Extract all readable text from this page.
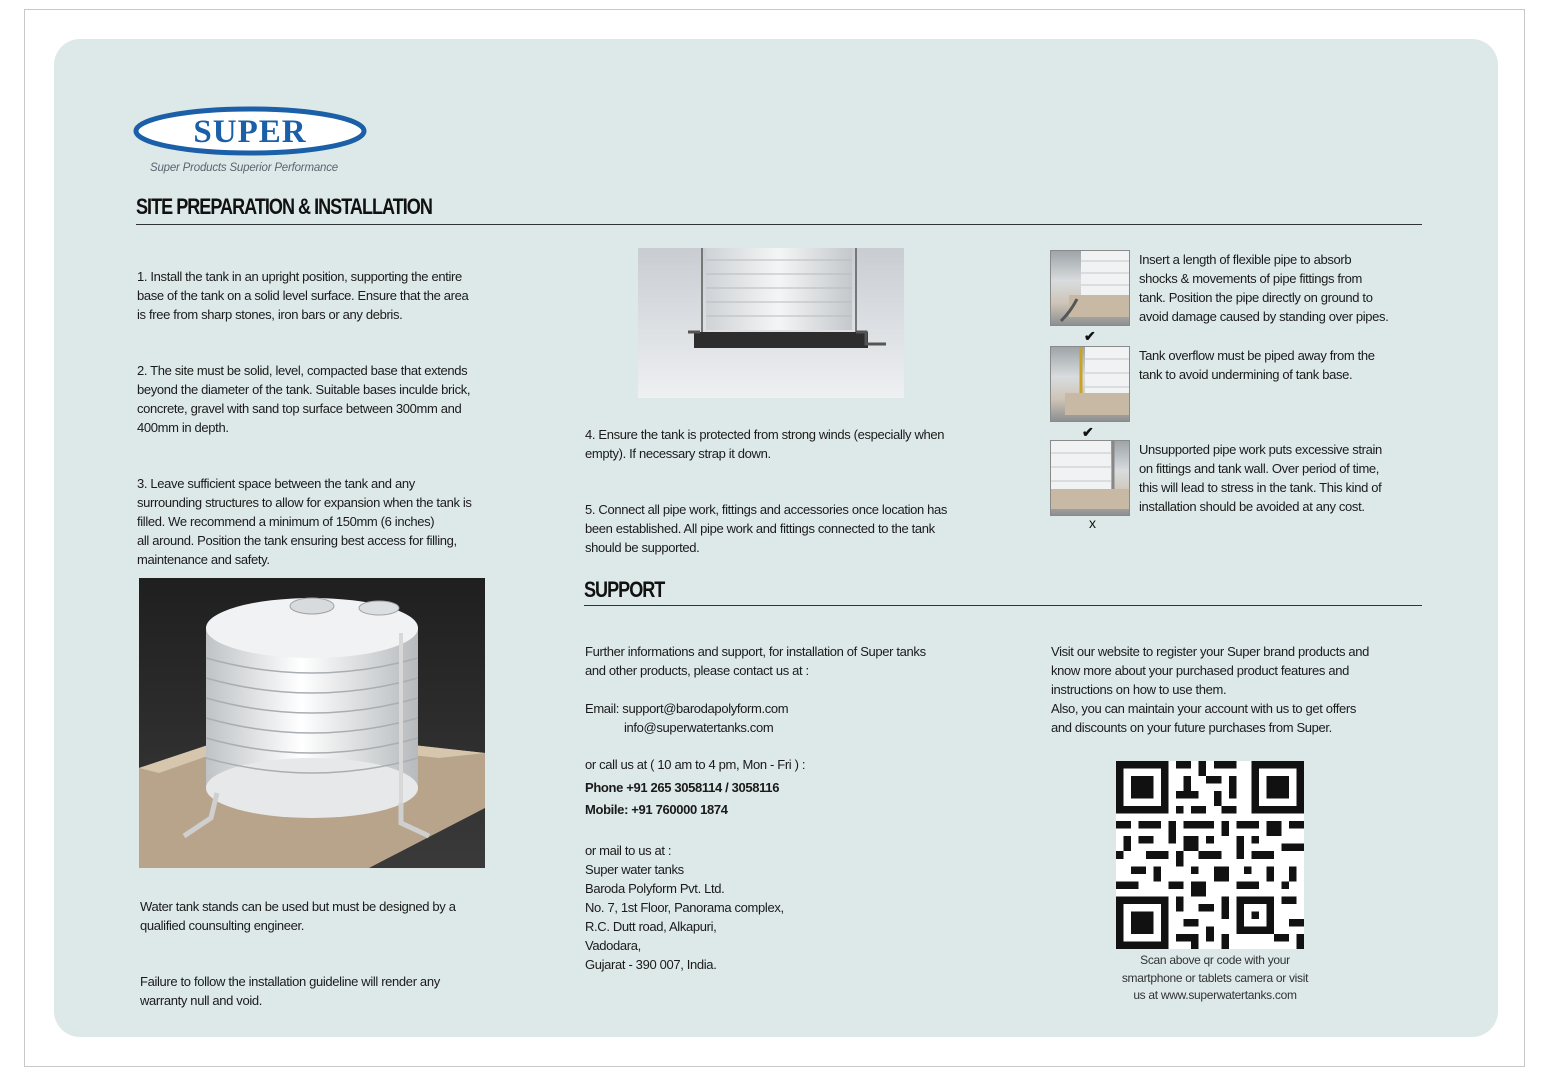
SUPER
Super Products Superior Performance
SITE PREPARATION & INSTALLATION

1. Install the tank in an upright position, supporting the entire
base of the tank on a solid level surface. Ensure that the area
is free from sharp stones, iron bars or any debris.

2. The site must be solid, level, compacted base that extends
beyond the diameter of the tank. Suitable bases inculde brick,
concrete, gravel with sand top surface between 300mm and
400mm in depth.

3. Leave sufficient space between the tank and any
surrounding structures to allow for expansion when the tank is
filled. We recommend a minimum of 150mm (6 inches)
all around. Position the tank ensuring best access for filling,
maintenance and safety.

4. Ensure the tank is protected from strong winds (especially when
empty). If necessary strap it down.

5. Connect all pipe work, fittings and accessories once location has
been established. All pipe work and fittings connected to the tank
should be supported.

✔
Insert a length of flexible pipe to absorb
shocks & movements of pipe fittings from
tank. Position the pipe directly on ground to
avoid damage caused by standing over pipes.
✔
Tank overflow must be piped away from the
tank to avoid undermining of tank base.
x
Unsupported pipe work puts excessive strain
on fittings and tank wall. Over period of time,
this will lead to stress in the tank. This kind of
installation should be avoided at any cost.

Water tank stands can be used but must be designed by a
qualified counsulting engineer.

Failure to follow the installation guideline will render any
warranty null and void.

SUPPORT
Further informations and support, for installation of Super tanks
and other products, please contact us at :
Email: support@barodapolyform.com
info@superwatertanks.com
or call us at ( 10 am to 4 pm, Mon - Fri ) :
Phone +91 265 3058114 / 3058116
Mobile: +91 760000 1874
or mail to us at :
Super water tanks
Baroda Polyform Pvt. Ltd.
No. 7, 1st Floor, Panorama complex,
R.C. Dutt road, Alkapuri,
Vadodara,
Gujarat - 390 007, India.
Visit our website to register your Super brand products and
know more about your purchased product features and
instructions on how to use them.
Also, you can maintain your account with us to get offers
and discounts on your future purchases from Super.
Scan above qr code with your
smartphone or tablets camera or visit
us at www.superwatertanks.com
